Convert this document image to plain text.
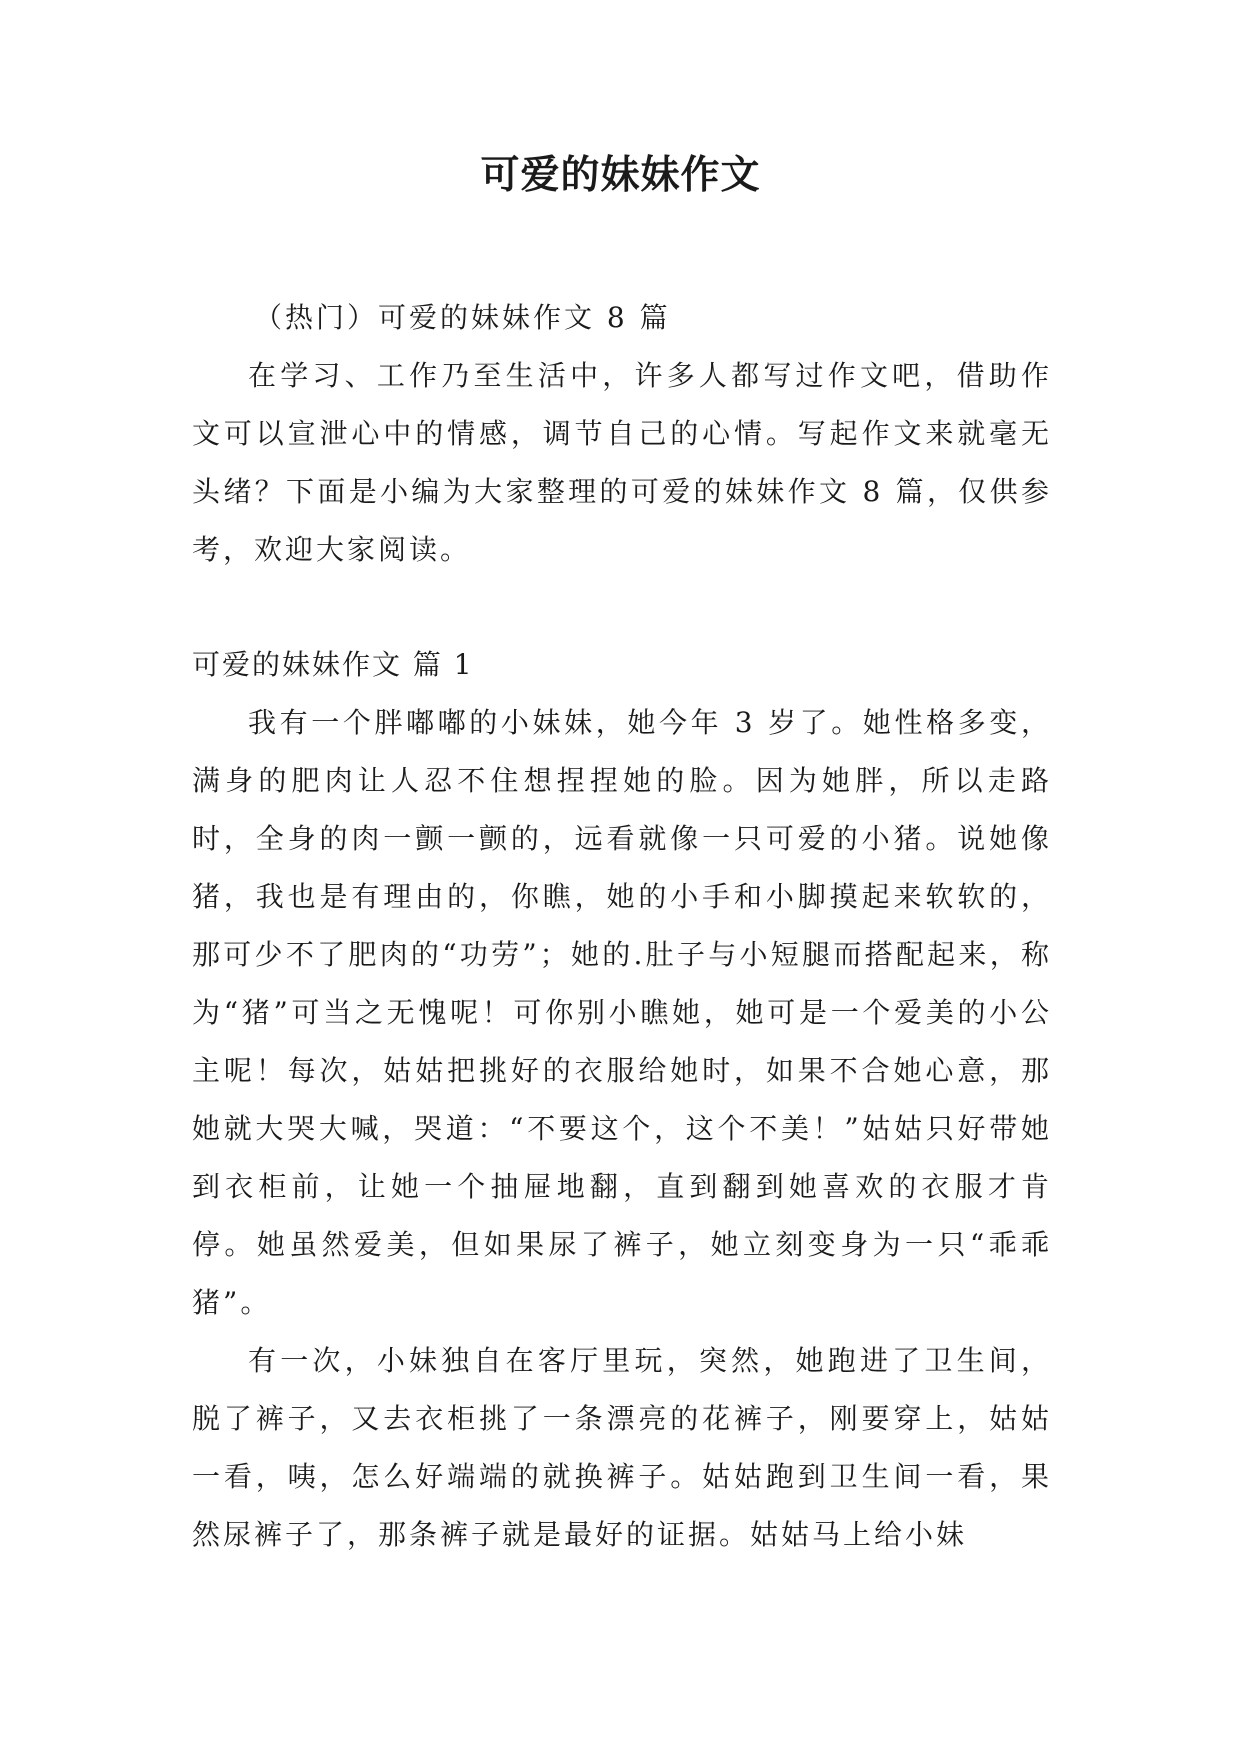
可爱的妹妹作文

（热门）可爱的妹妹作文 8 篇

在学习、工作乃至生活中，许多人都写过作文吧，借助作文可以宣泄心中的情感，调节自己的心情。写起作文来就毫无头绪？下面是小编为大家整理的可爱的妹妹作文 8 篇，仅供参考，欢迎大家阅读。

可爱的妹妹作文 篇 1

我有一个胖嘟嘟的小妹妹，她今年 3 岁了。她性格多变，满身的肥肉让人忍不住想捏捏她的脸。因为她胖，所以走路时，全身的肉一颤一颤的，远看就像一只可爱的小猪。说她像猪，我也是有理由的，你瞧，她的小手和小脚摸起来软软的，那可少不了肥肉的“功劳”；她的.肚子与小短腿而搭配起来，称为“猪”可当之无愧呢！可你别小瞧她，她可是一个爱美的小公主呢！每次，姑姑把挑好的衣服给她时，如果不合她心意，那她就大哭大喊，哭道：“不要这个，这个不美！”姑姑只好带她到衣柜前，让她一个抽屉地翻，直到翻到她喜欢的衣服才肯停。她虽然爱美，但如果尿了裤子，她立刻变身为一只“乖乖猪”。

有一次，小妹独自在客厅里玩，突然，她跑进了卫生间，脱了裤子，又去衣柜挑了一条漂亮的花裤子，刚要穿上，姑姑一看，咦，怎么好端端的就换裤子。姑姑跑到卫生间一看，果然尿裤子了，那条裤子就是最好的证据。姑姑马上给小妹
